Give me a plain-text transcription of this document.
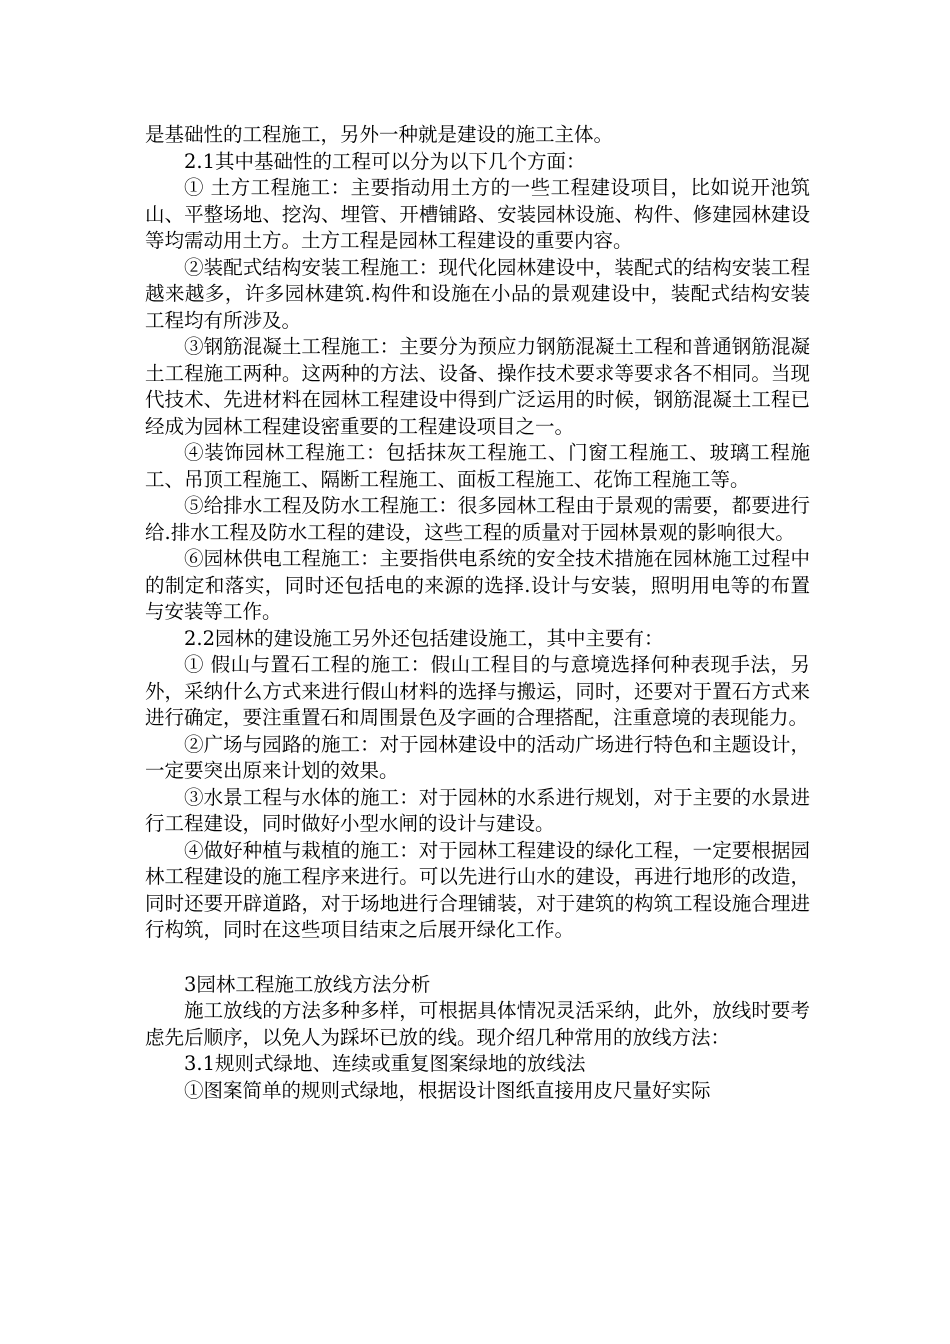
是基础性的工程施工，另外一种就是建设的施工主体。

2.1其中基础性的工程可以分为以下几个方面：

① 土方工程施工：主要指动用土方的一些工程建设项目，比如说开池筑山、平整场地、挖沟、埋管、开槽铺路、安装园林设施、构件、修建园林建设等均需动用土方。土方工程是园林工程建设的重要内容。

②装配式结构安装工程施工：现代化园林建设中，装配式的结构安装工程越来越多，许多园林建筑.构件和设施在小品的景观建设中，装配式结构安装工程均有所涉及。

③钢筋混凝土工程施工：主要分为预应力钢筋混凝土工程和普通钢筋混凝土工程施工两种。这两种的方法、设备、操作技术要求等要求各不相同。当现代技术、先进材料在园林工程建设中得到广泛运用的时候，钢筋混凝土工程已经成为园林工程建设密重要的工程建设项目之一。

④装饰园林工程施工：包括抹灰工程施工、门窗工程施工、玻璃工程施工、吊顶工程施工、隔断工程施工、面板工程施工、花饰工程施工等。

⑤给排水工程及防水工程施工：很多园林工程由于景观的需要，都要进行给.排水工程及防水工程的建设，这些工程的质量对于园林景观的影响很大。

⑥园林供电工程施工：主要指供电系统的安全技术措施在园林施工过程中的制定和落实，同时还包括电的来源的选择.设计与安装，照明用电等的布置与安装等工作。

2.2园林的建设施工另外还包括建设施工，其中主要有：

① 假山与置石工程的施工：假山工程目的与意境选择何种表现手法，另外，采纳什么方式来进行假山材料的选择与搬运，同时，还要对于置石方式来进行确定，要注重置石和周围景色及字画的合理搭配，注重意境的表现能力。

②广场与园路的施工：对于园林建设中的活动广场进行特色和主题设计，一定要突出原来计划的效果。

③水景工程与水体的施工：对于园林的水系进行规划，对于主要的水景进行工程建设，同时做好小型水闸的设计与建设。

④做好种植与栽植的施工：对于园林工程建设的绿化工程，一定要根据园林工程建设的施工程序来进行。可以先进行山水的建设，再进行地形的改造，同时还要开辟道路，对于场地进行合理铺装，对于建筑的构筑工程设施合理进行构筑，同时在这些项目结束之后展开绿化工作。

3园林工程施工放线方法分析

施工放线的方法多种多样，可根据具体情况灵活采纳，此外，放线时要考虑先后顺序，以免人为踩坏已放的线。现介绍几种常用的放线方法：

3.1规则式绿地、连续或重复图案绿地的放线法

①图案简单的规则式绿地，根据设计图纸直接用皮尺量好实际
